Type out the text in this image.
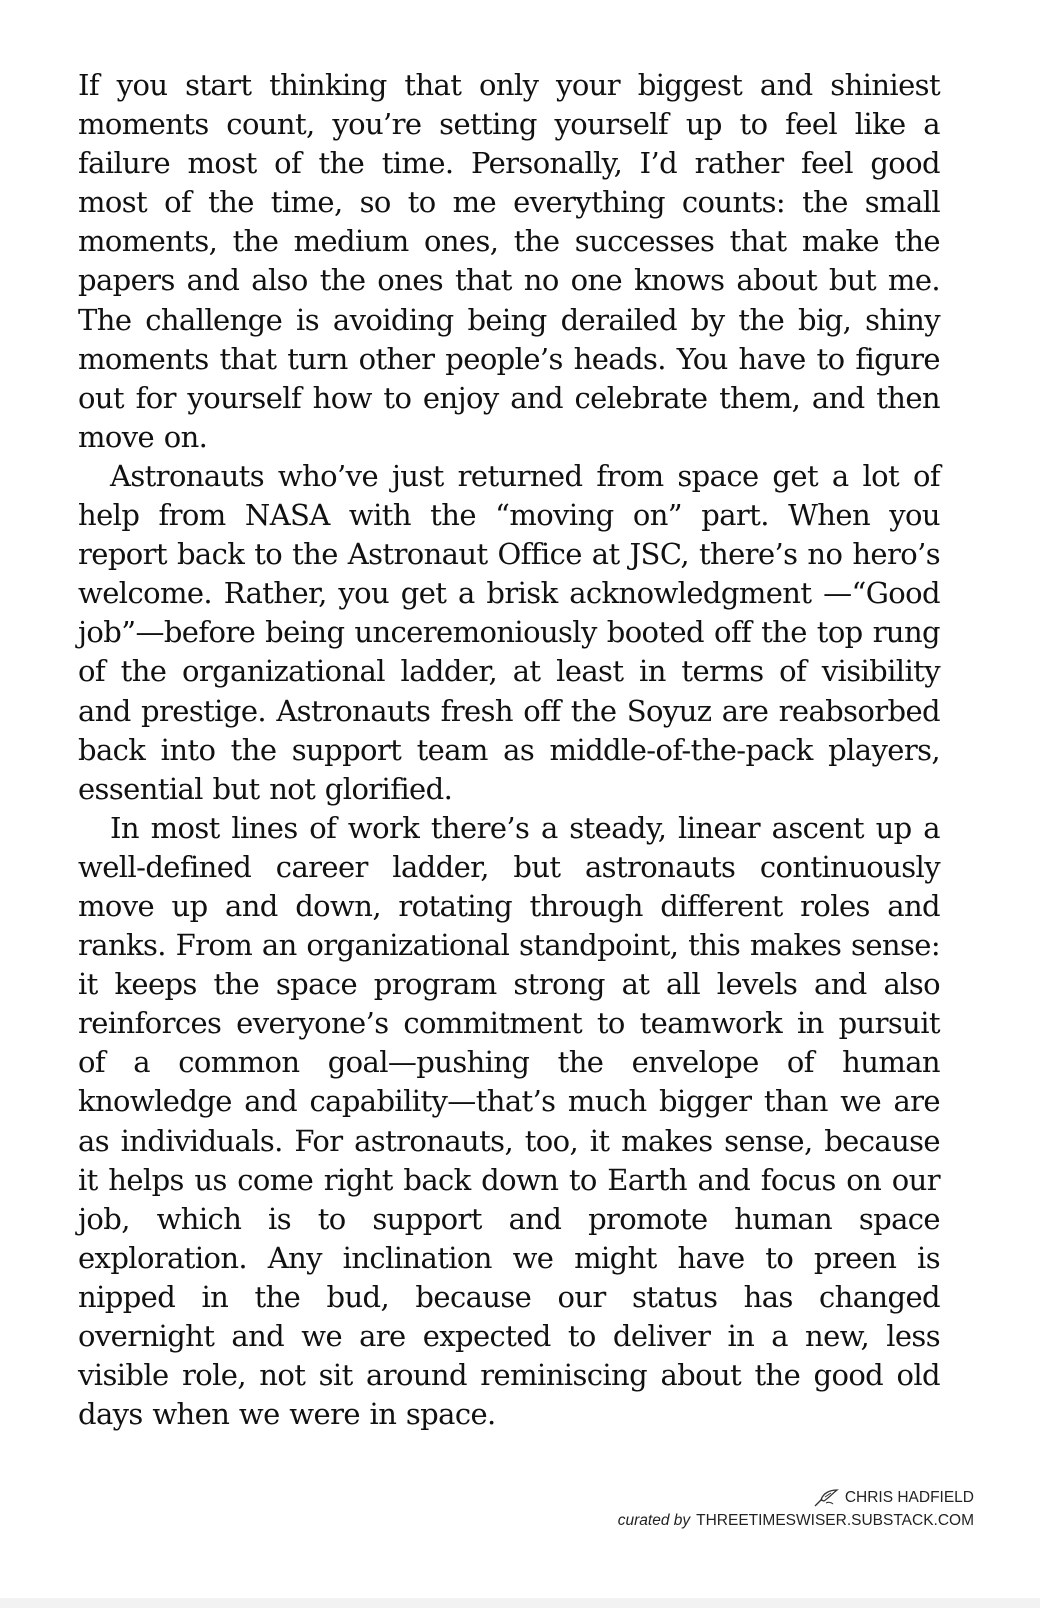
If you start thinking that only your biggest and shiniest moments count, you’re setting yourself up to feel like a failure most of the time. Personally, I’d rather feel good most of the time, so to me everything counts: the small moments, the medium ones, the successes that make the papers and also the ones that no one knows about but me. The challenge is avoiding being derailed by the big, shiny moments that turn other people’s heads. You have to figure out for yourself how to enjoy and celebrate them, and then move on.

Astronauts who’ve just returned from space get a lot of help from NASA with the “moving on” part. When you report back to the Astronaut Office at JSC, there’s no hero’s welcome. Rather, you get a brisk acknowledgment —“Good job”—before being unceremoniously booted off the top rung of the organizational ladder, at least in terms of visibility and prestige. Astronauts fresh off the Soyuz are reabsorbed back into the support team as middle-of-the-pack players, essential but not glorified.

In most lines of work there’s a steady, linear ascent up a well-defined career ladder, but astronauts continuously move up and down, rotating through different roles and ranks. From an organizational standpoint, this makes sense: it keeps the space program strong at all levels and also reinforces everyone’s commitment to teamwork in pursuit of a common goal—pushing the envelope of human knowledge and capability—that’s much bigger than we are as individuals. For astronauts, too, it makes sense, because it helps us come right back down to Earth and focus on our job, which is to support and promote human space exploration. Any inclination we might have to preen is nipped in the bud, because our status has changed overnight and we are expected to deliver in a new, less visible role, not sit around reminiscing about the good old days when we were in space.

CHRIS HADFIELD
curated by THREETIMESWISER.SUBSTACK.COM
